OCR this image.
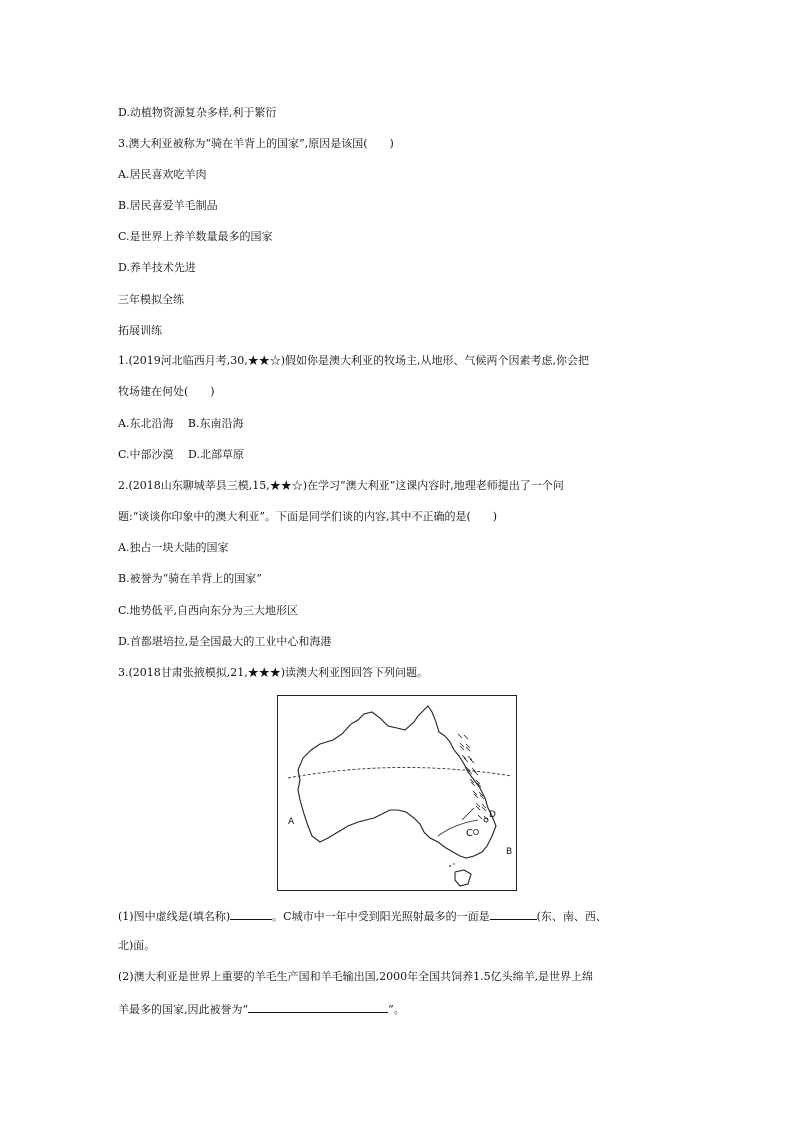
D.动植物资源复杂多样,利于繁衍
3.澳大利亚被称为“骑在羊背上的国家”,原因是该国(　　)
A.居民喜欢吃羊肉
B.居民喜爱羊毛制品
C.是世界上养羊数量最多的国家
D.养羊技术先进
三年模拟全练
拓展训练
1.(2019河北临西月考,30,★★☆)假如你是澳大利亚的牧场主,从地形、气候两个因素考虑,你会把
牧场建在何处(　　)
A.东北沿海　 B.东南沿海
C.中部沙漠　 D.北部草原
2.(2018山东聊城莘县三模,15,★★☆)在学习“澳大利亚”这课内容时,地理老师提出了一个问
题:“谈谈你印象中的澳大利亚”。下面是同学们谈的内容,其中不正确的是(　　)
A.独占一块大陆的国家
B.被誉为“骑在羊背上的国家”
C.地势低平,自西向东分为三大地形区
D.首都堪培拉,是全国最大的工业中心和海港
3.(2018甘肃张掖模拟,21,★★★)读澳大利亚图回答下列问题。
A
B
C
D
(1)图中虚线是(填名称)	。C城市中一年中受到阳光照射最多的一面是	(东、南、西、
北)面。
(2)澳大利亚是世界上重要的羊毛生产国和羊毛输出国,2000年全国共饲养1.5亿头绵羊,是世界上绵
羊最多的国家,因此被誉为“	”。
